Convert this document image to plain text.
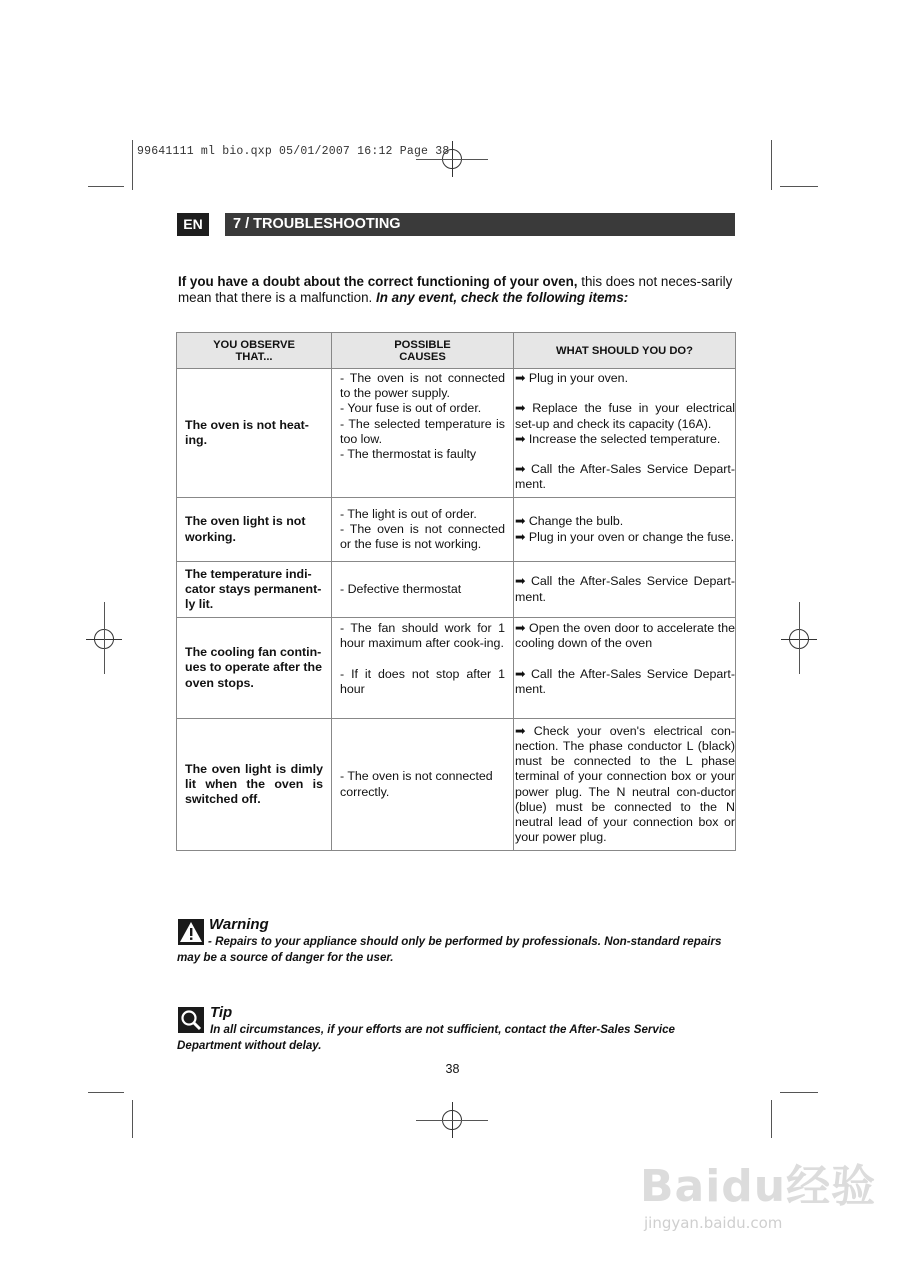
99641111 ml bio.qxp 05/01/2007 16:12 Page 38
EN	7 / TROUBLESHOOTING
If you have a doubt about the correct functioning of your oven, this does not neces-sarily mean that there is a malfunction. In any event, check the following items:
YOU OBSERVE THAT...	POSSIBLE CAUSES	WHAT SHOULD YOU DO?
The oven is not heat-ing.	- The oven is not connected to the power supply.
- Your fuse is out of order.
- The selected temperature is too low.
- The thermostat is faulty	➡ Plug in your oven.
➡ Replace the fuse in your electrical set-up and check its capacity (16A).
➡ Increase the selected temperature.
➡ Call the After-Sales Service Depart-ment.

The oven light is not working.	- The light is out of order.
- The oven is not connected or the fuse is not working.	➡ Change the bulb.
➡ Plug in your oven or change the fuse.

The temperature indi-cator stays permanent-ly lit.	- Defective thermostat	➡ Call the After-Sales Service Depart-ment.

The cooling fan contin-ues to operate after the oven stops.	- The fan should work for 1 hour maximum after cook-ing.
- If it does not stop after 1 hour	➡ Open the oven door to accelerate the cooling down of the oven
➡ Call the After-Sales Service Depart-ment.

The oven light is dimly lit when the oven is switched off.	- The oven is not connected correctly.	➡ Check your oven's electrical con-nection. The phase conductor L (black) must be connected to the L phase terminal of your connection box or your power plug. The N neutral con-ductor (blue) must be connected to the N neutral lead of your connection box or your power plug.
Warning
- Repairs to your appliance should only be performed by professionals. Non-standard repairs may be a source of danger for the user.
Tip
In all circumstances, if your efforts are not sufficient, contact the After-Sales Service Department without delay.
38
Baidu经验
jingyan.baidu.com
